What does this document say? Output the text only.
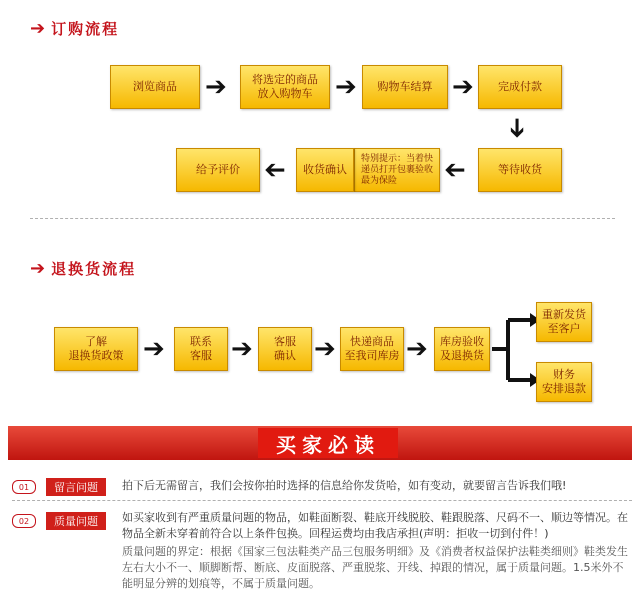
➔ 订购流程
浏览商品 ➔ 将选定的商品
放入购物车 ➔ 购物车结算 ➔ 完成付款
➔
等待收货
➔
特别提示：当着快
递员打开包裹验收
最为保险
收货确认
➔
给予评价
➔ 退换货流程
了解
退换货政策 ➔ 联系
客服 ➔ 客服
确认 ➔	快递商品
至我司库房 ➔ 库房验收
及退换货
重新发货
至客户
财务
安排退款
买家必读
01	留言问题	拍下后无需留言，我们会按你拍时选择的信息给你发货哈，如有变动，就要留言告诉我们哦!
02	质量问题	如买家收到有严重质量问题的物品，如鞋面断裂、鞋底开线脱胶、鞋跟脱落、尺码不一、顺边等情况。在物品全新未穿着前符合以上条件包换。回程运费均由我店承担(声明：拒收一切到付件！)
质量问题的界定：根据《国家三包法鞋类产品三包服务明细》及《消费者权益保护法鞋类细则》鞋类发生左右大小不一、顺脚断帮、断底、皮面脱落、严重脱浆、开线、掉跟的情况，属于质量问题。1.5米外不能明显分辨的划痕等，不属于质量问题。
